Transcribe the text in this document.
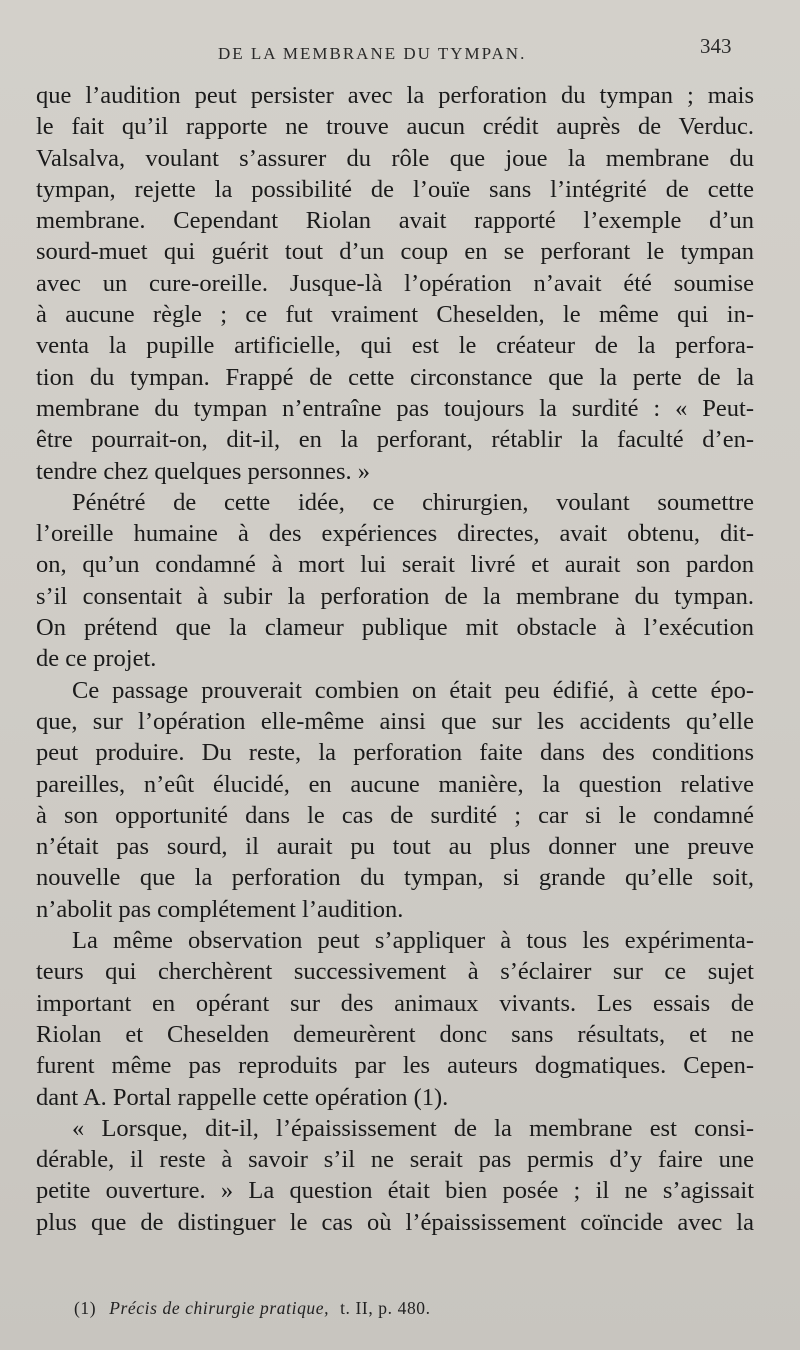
DE LA MEMBRANE DU TYMPAN.	343
que l’audition peut persister avec la perforation du tympan ; mais
le fait qu’il rapporte ne trouve aucun crédit auprès de Verduc.
Valsalva, voulant s’assurer du rôle que joue la membrane du
tympan, rejette la possibilité de l’ouïe sans l’intégrité de cette
membrane. Cependant Riolan avait rapporté l’exemple d’un
sourd-muet qui guérit tout d’un coup en se perforant le tympan
avec un cure-oreille. Jusque-là l’opération n’avait été soumise
à aucune règle ; ce fut vraiment Cheselden, le même qui in-
venta la pupille artificielle, qui est le créateur de la perfora-
tion du tympan. Frappé de cette circonstance que la perte de la
membrane du tympan n’entraîne pas toujours la surdité : « Peut-
être pourrait-on, dit-il, en la perforant, rétablir la faculté d’en-
tendre chez quelques personnes. »
Pénétré de cette idée, ce chirurgien, voulant soumettre
l’oreille humaine à des expériences directes, avait obtenu, dit-
on, qu’un condamné à mort lui serait livré et aurait son pardon
s’il consentait à subir la perforation de la membrane du tympan.
On prétend que la clameur publique mit obstacle à l’exécution
de ce projet.
Ce passage prouverait combien on était peu édifié, à cette épo-
que, sur l’opération elle-même ainsi que sur les accidents qu’elle
peut produire. Du reste, la perforation faite dans des conditions
pareilles, n’eût élucidé, en aucune manière, la question relative
à son opportunité dans le cas de surdité ; car si le condamné
n’était pas sourd, il aurait pu tout au plus donner une preuve
nouvelle que la perforation du tympan, si grande qu’elle soit,
n’abolit pas complétement l’audition.
La même observation peut s’appliquer à tous les expérimenta-
teurs qui cherchèrent successivement à s’éclairer sur ce sujet
important en opérant sur des animaux vivants. Les essais de
Riolan et Cheselden demeurèrent donc sans résultats, et ne
furent même pas reproduits par les auteurs dogmatiques. Cepen-
dant A. Portal rappelle cette opération (1).
« Lorsque, dit-il, l’épaississement de la membrane est consi-
dérable, il reste à savoir s’il ne serait pas permis d’y faire une
petite ouverture. » La question était bien posée ; il ne s’agissait
plus que de distinguer le cas où l’épaississement coïncide avec la
(1) Précis de chirurgie pratique, t. II, p. 480.
